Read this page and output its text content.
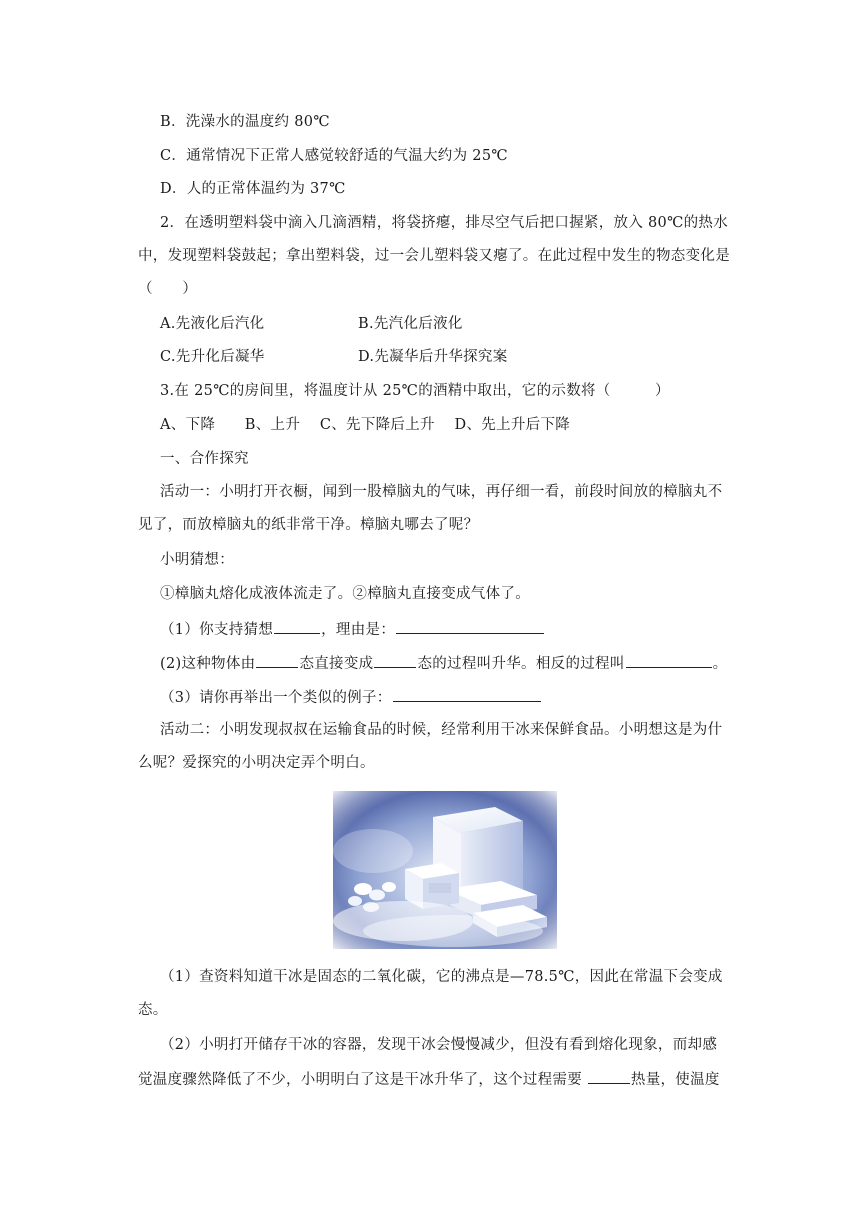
B．洗澡水的温度约 80℃
C．通常情况下正常人感觉较舒适的气温大约为 25℃
D．人的正常体温约为 37℃
2．在透明塑料袋中滴入几滴酒精，将袋挤瘪，排尽空气后把口握紧，放入 80℃的热水
中，发现塑料袋鼓起；拿出塑料袋，过一会儿塑料袋又瘪了。在此过程中发生的物态变化是
（　　）
A.先液化后汽化	B.先汽化后液化
C.先升化后凝华	D.先凝华后升华探究案
3.在 25℃的房间里，将温度计从 25℃的酒精中取出，它的示数将（　　　）
A、下降　　B、上升　 C、先下降后上升　 D、先上升后下降
一、合作探究
活动一：小明打开衣橱，闻到一股樟脑丸的气味，再仔细一看，前段时间放的樟脑丸不
见了，而放樟脑丸的纸非常干净。樟脑丸哪去了呢？
小明猜想：
①樟脑丸熔化成液体流走了。②樟脑丸直接变成气体了。
（1）你支持猜想	，理由是：
(2)这种物体由	态直接变成	态的过程叫升华。相反的过程叫	。
（3）请你再举出一个类似的例子：
活动二：小明发现叔叔在运输食品的时候，经常利用干冰来保鲜食品。小明想这是为什
么呢？爱探究的小明决定弄个明白。
（1）查资料知道干冰是固态的二氧化碳，它的沸点是—78.5℃，因此在常温下会变成
态。
（2）小明打开储存干冰的容器，发现干冰会慢慢减少，但没有看到熔化现象，而却感
觉温度骤然降低了不少，小明明白了这是干冰升华了，这个过程需要	热量，使温度
